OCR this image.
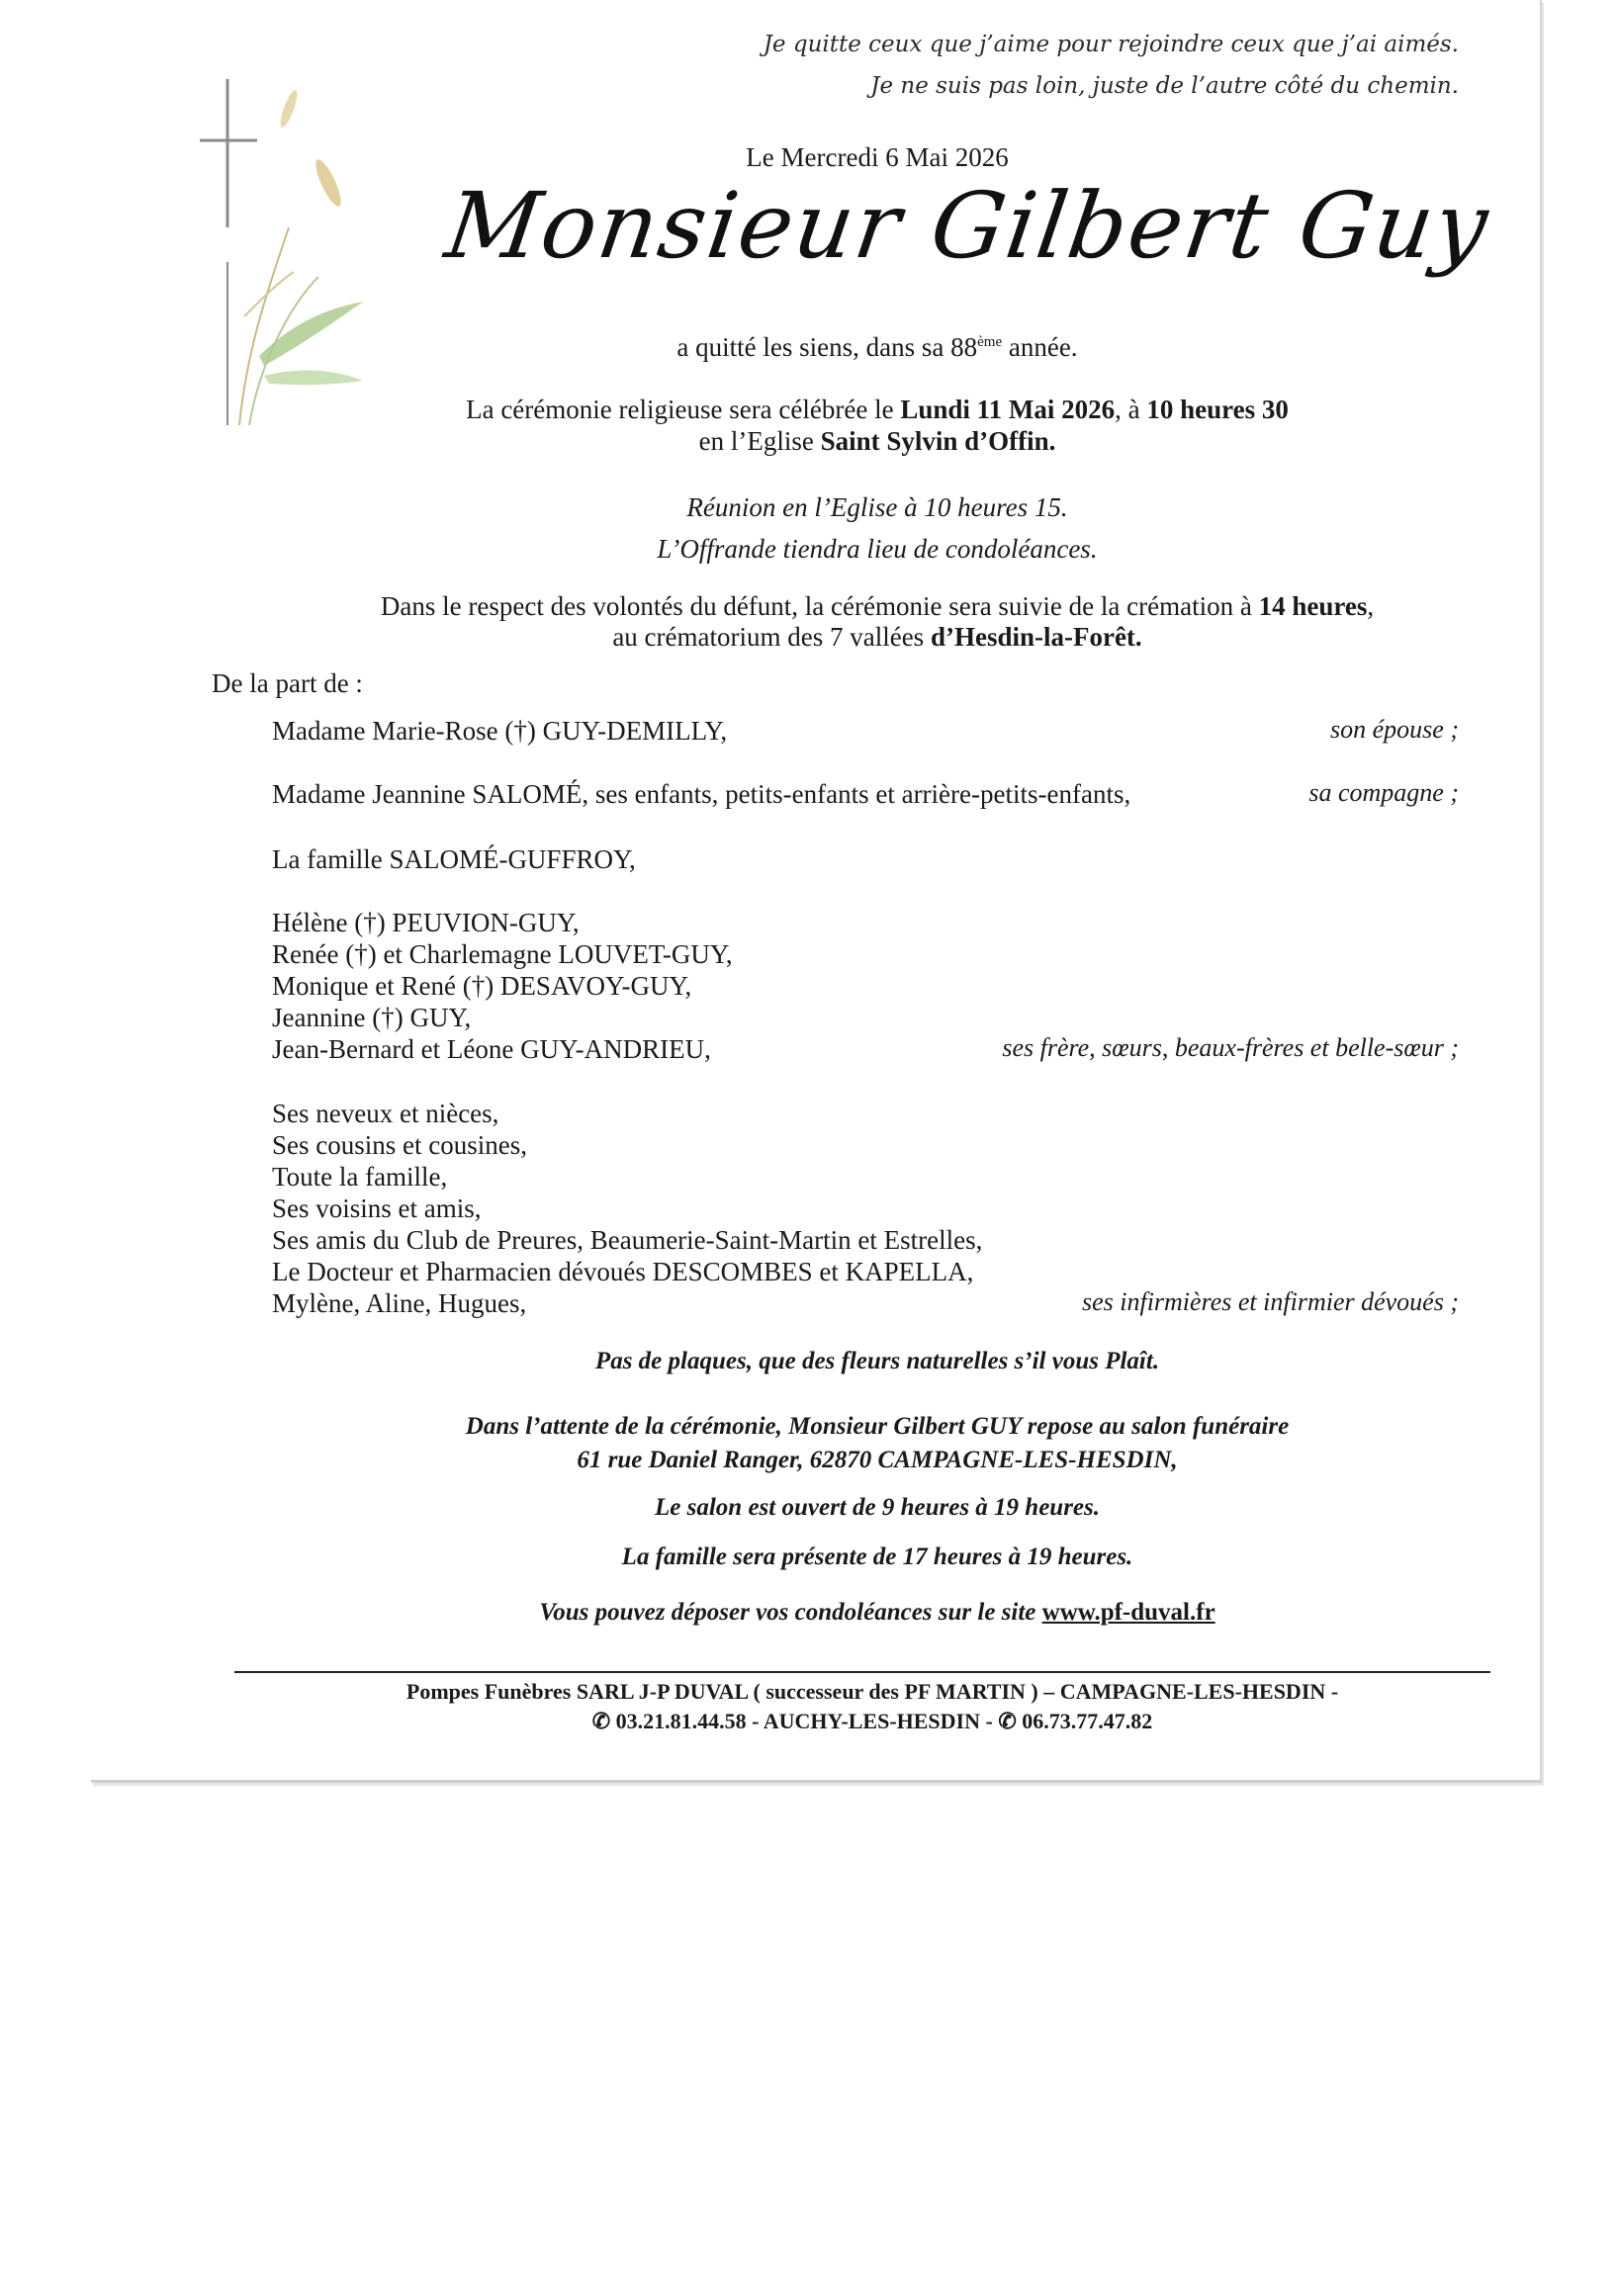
Je quitte ceux que j’aime pour rejoindre ceux que j’ai aimés.
Je ne suis pas loin, juste de l’autre côté du chemin.
Le Mercredi 6 Mai 2026
Monsieur Gilbert Guy
a quitté les siens, dans sa 88ème année.
La cérémonie religieuse sera célébrée le Lundi 11 Mai 2026, à 10 heures 30
en l’Eglise Saint Sylvin d’Offin.
Réunion en l’Eglise à 10 heures 15.
L’Offrande tiendra lieu de condoléances.
Dans le respect des volontés du défunt, la cérémonie sera suivie de la crémation à 14 heures,
au crématorium des 7 vallées d’Hesdin-la-Forêt.
De la part de :
Madame Marie-Rose (†) GUY-DEMILLY,	son épouse ;
Madame Jeannine SALOMÉ, ses enfants, petits-enfants et arrière-petits-enfants,	sa compagne ;
La famille SALOMÉ-GUFFROY,
Hélène (†) PEUVION-GUY,
Renée (†) et Charlemagne LOUVET-GUY,
Monique et René (†) DESAVOY-GUY,
Jeannine (†) GUY,
Jean-Bernard et Léone GUY-ANDRIEU,	ses frère, sœurs, beaux-frères et belle-sœur ;
Ses neveux et nièces,
Ses cousins et cousines,
Toute la famille,
Ses voisins et amis,
Ses amis du Club de Preures, Beaumerie-Saint-Martin et Estrelles,
Le Docteur et Pharmacien dévoués DESCOMBES et KAPELLA,
Mylène, Aline, Hugues,	ses infirmières et infirmier dévoués ;
Pas de plaques, que des fleurs naturelles s’il vous Plaît.
Dans l’attente de la cérémonie, Monsieur Gilbert GUY repose au salon funéraire
61 rue Daniel Ranger, 62870 CAMPAGNE-LES-HESDIN,
Le salon est ouvert de 9 heures à 19 heures.
La famille sera présente de 17 heures à 19 heures.
Vous pouvez déposer vos condoléances sur le site www.pf-duval.fr
Pompes Funèbres SARL J-P DUVAL ( successeur des PF MARTIN ) – CAMPAGNE-LES-HESDIN -
✆ 03.21.81.44.58 - AUCHY-LES-HESDIN - ✆ 06.73.77.47.82
